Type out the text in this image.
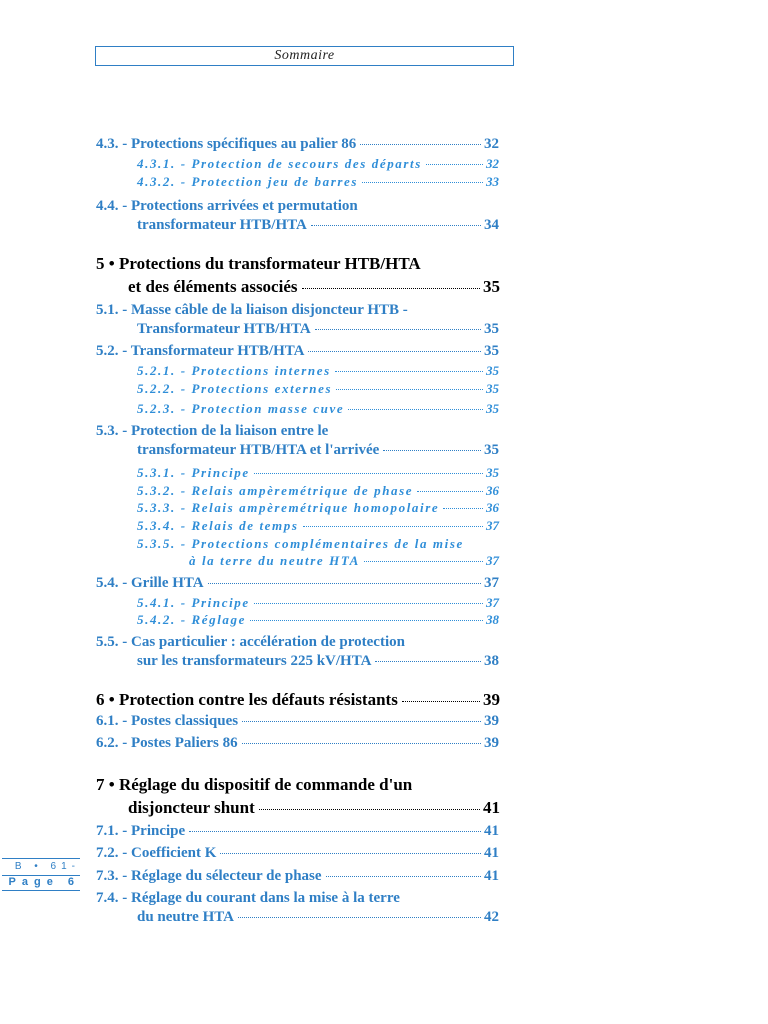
Sommaire
4.3. - Protections spécifiques au palier 86	32
4.3.1. - Protection de secours des départs	32
4.3.2. - Protection jeu de barres	33
4.4. - Protections arrivées et permutation
transformateur HTB/HTA	34
5 • Protections du transformateur HTB/HTA
et des éléments associés	35
5.1. - Masse câble de la liaison disjoncteur HTB -
Transformateur HTB/HTA	35
5.2. - Transformateur HTB/HTA	35
5.2.1. - Protections internes	35
5.2.2. - Protections externes	35
5.2.3. - Protection masse cuve	35
5.3. - Protection de la liaison entre le
transformateur HTB/HTA et l'arrivée	35
5.3.1. - Principe	35
5.3.2. - Relais ampèremétrique de phase	36
5.3.3. - Relais ampèremétrique homopolaire	36
5.3.4. - Relais de temps	37
5.3.5. - Protections complémentaires de la mise
à la terre du neutre HTA	37
5.4. - Grille HTA	37
5.4.1. - Principe	37
5.4.2. - Réglage	38
5.5. - Cas particulier : accélération de protection
sur les transformateurs 225 kV/HTA	38
6 • Protection contre les défauts résistants	39
6.1. - Postes classiques	39
6.2. - Postes Paliers 86	39
7 • Réglage du dispositif de commande d'un
disjoncteur shunt	41
7.1. - Principe	41
7.2. - Coefficient K	41
7.3. - Réglage du sélecteur de phase	41
7.4. - Réglage du courant dans la mise à la terre
du neutre HTA	42
B • 61-
Page 6
